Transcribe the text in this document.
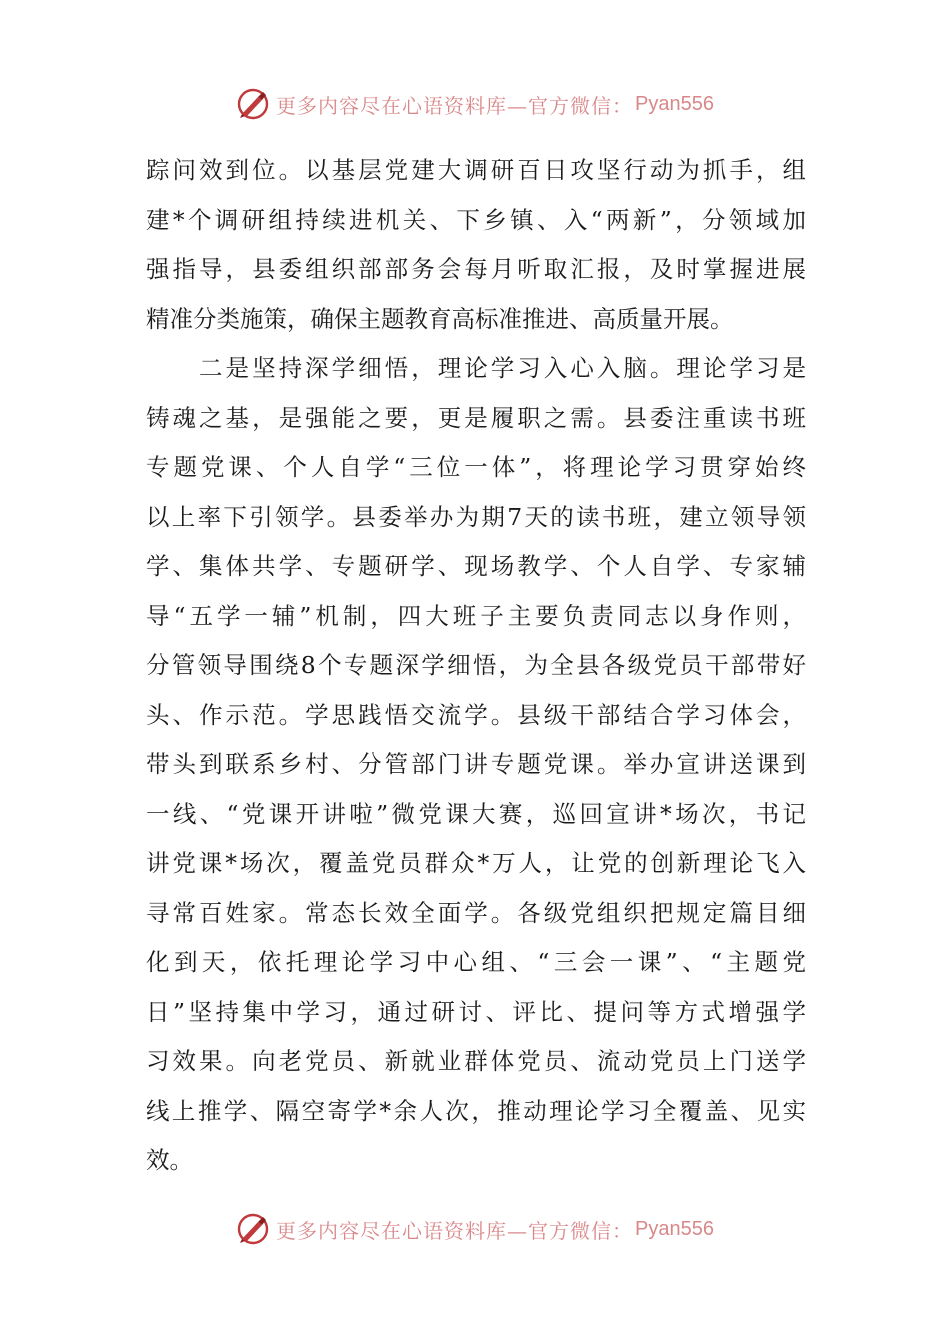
更多内容尽在心语资料库—官方微信： Pyan556
踪问效到位。以基层党建大调研百日攻坚行动为抓手，组
建*个调研组持续进机关、下乡镇、入“两新”，分领域加
强指导，县委组织部部务会每月听取汇报，及时掌握进展
精准分类施策，确保主题教育高标准推进、高质量开展。
　　二是坚持深学细悟，理论学习入心入脑。理论学习是
铸魂之基，是强能之要，更是履职之需。县委注重读书班
专题党课、个人自学“三位一体”，将理论学习贯穿始终
以上率下引领学。县委举办为期7天的读书班，建立领导领
学、集体共学、专题研学、现场教学、个人自学、专家辅
导“五学一辅”机制，四大班子主要负责同志以身作则，
分管领导围绕8个专题深学细悟，为全县各级党员干部带好
头、作示范。学思践悟交流学。县级干部结合学习体会，
带头到联系乡村、分管部门讲专题党课。举办宣讲送课到
一线、“党课开讲啦”微党课大赛，巡回宣讲*场次，书记
讲党课*场次，覆盖党员群众*万人，让党的创新理论飞入
寻常百姓家。常态长效全面学。各级党组织把规定篇目细
化到天，依托理论学习中心组、“三会一课”、“主题党
日”坚持集中学习，通过研讨、评比、提问等方式增强学
习效果。向老党员、新就业群体党员、流动党员上门送学
线上推学、隔空寄学*余人次，推动理论学习全覆盖、见实
效。
更多内容尽在心语资料库—官方微信： Pyan556
